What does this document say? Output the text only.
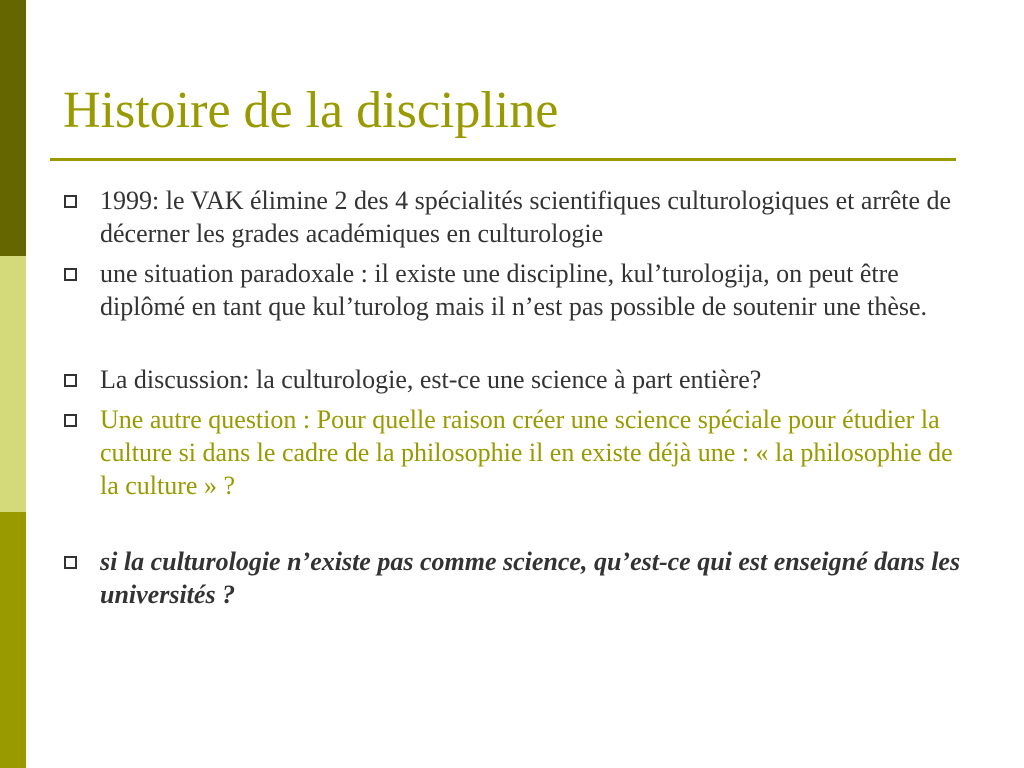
Histoire de la discipline
1999: le VAK élimine 2 des 4 spécialités scientifiques culturologiques et arrête de décerner les grades académiques en culturologie
une situation paradoxale : il existe une discipline, kul’turologija, on peut être diplômé en tant que kul’turolog mais il n’est pas possible de soutenir une thèse.
La discussion: la culturologie, est-ce une science à part entière?
Une autre question : Pour quelle raison créer une science spéciale pour étudier la culture si dans le cadre de la philosophie il en existe déjà une : « la philosophie de la culture » ?
si la culturologie n’existe pas comme science, qu’est-ce qui est enseigné dans les universités ?
